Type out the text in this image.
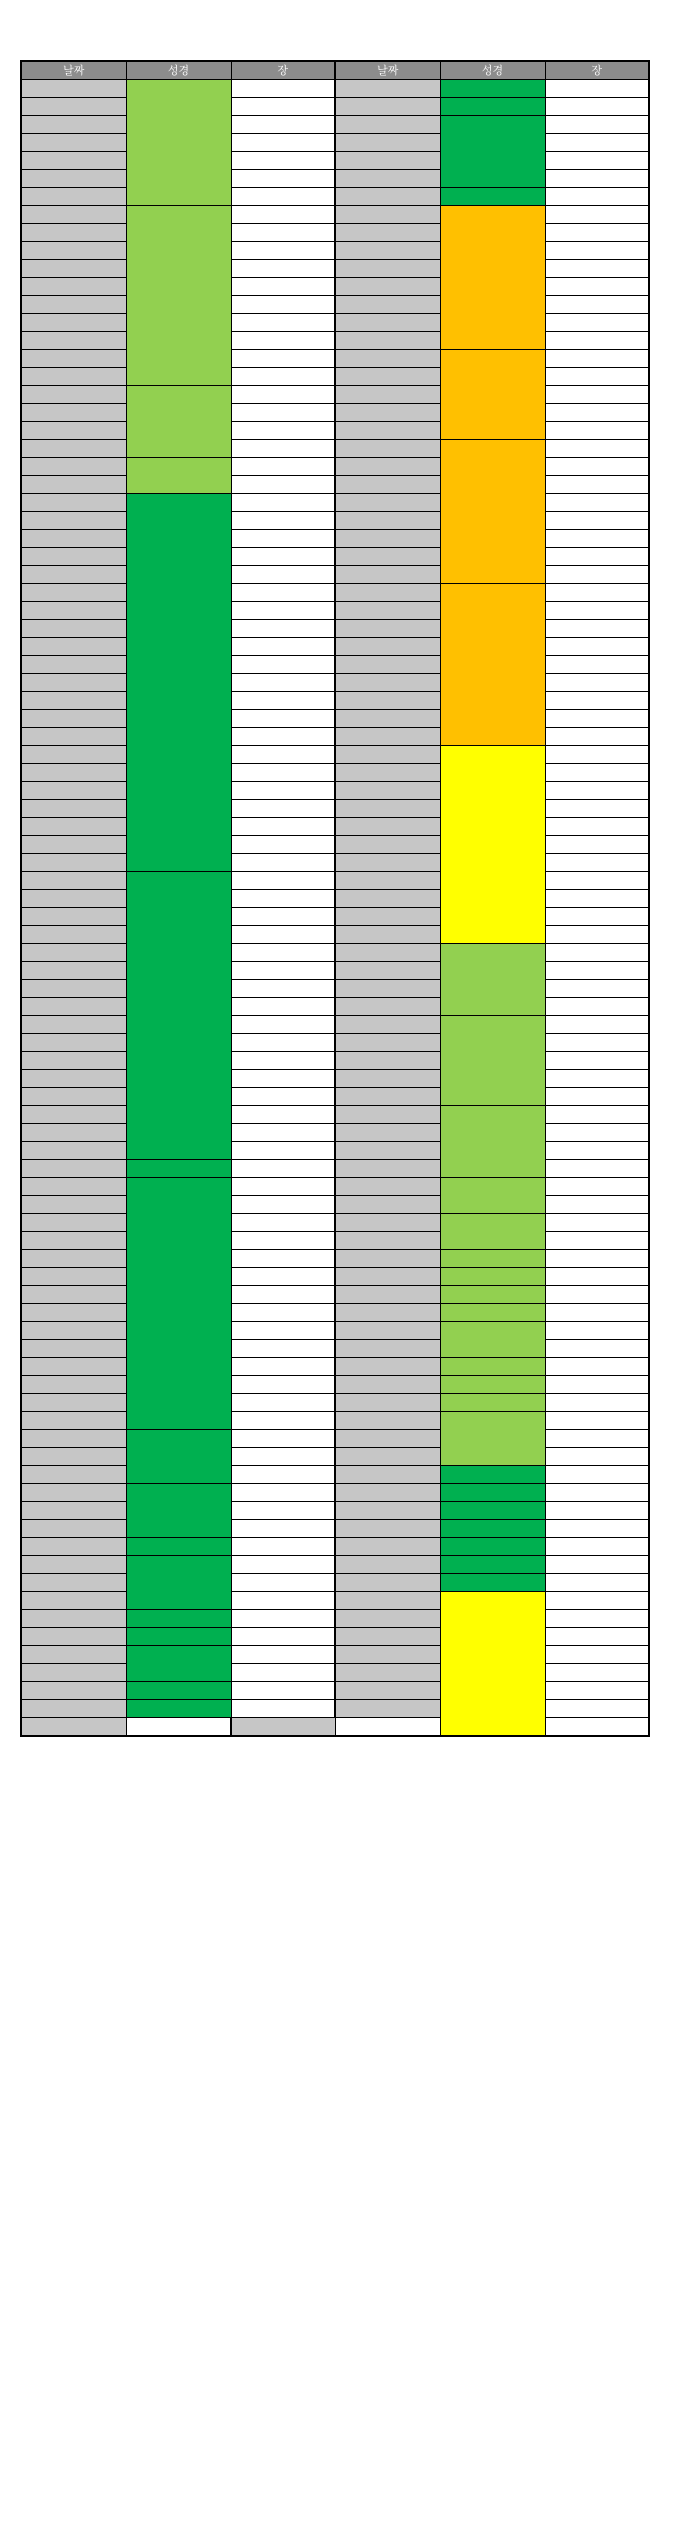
날짜	성경	장	날짜	성경	장
